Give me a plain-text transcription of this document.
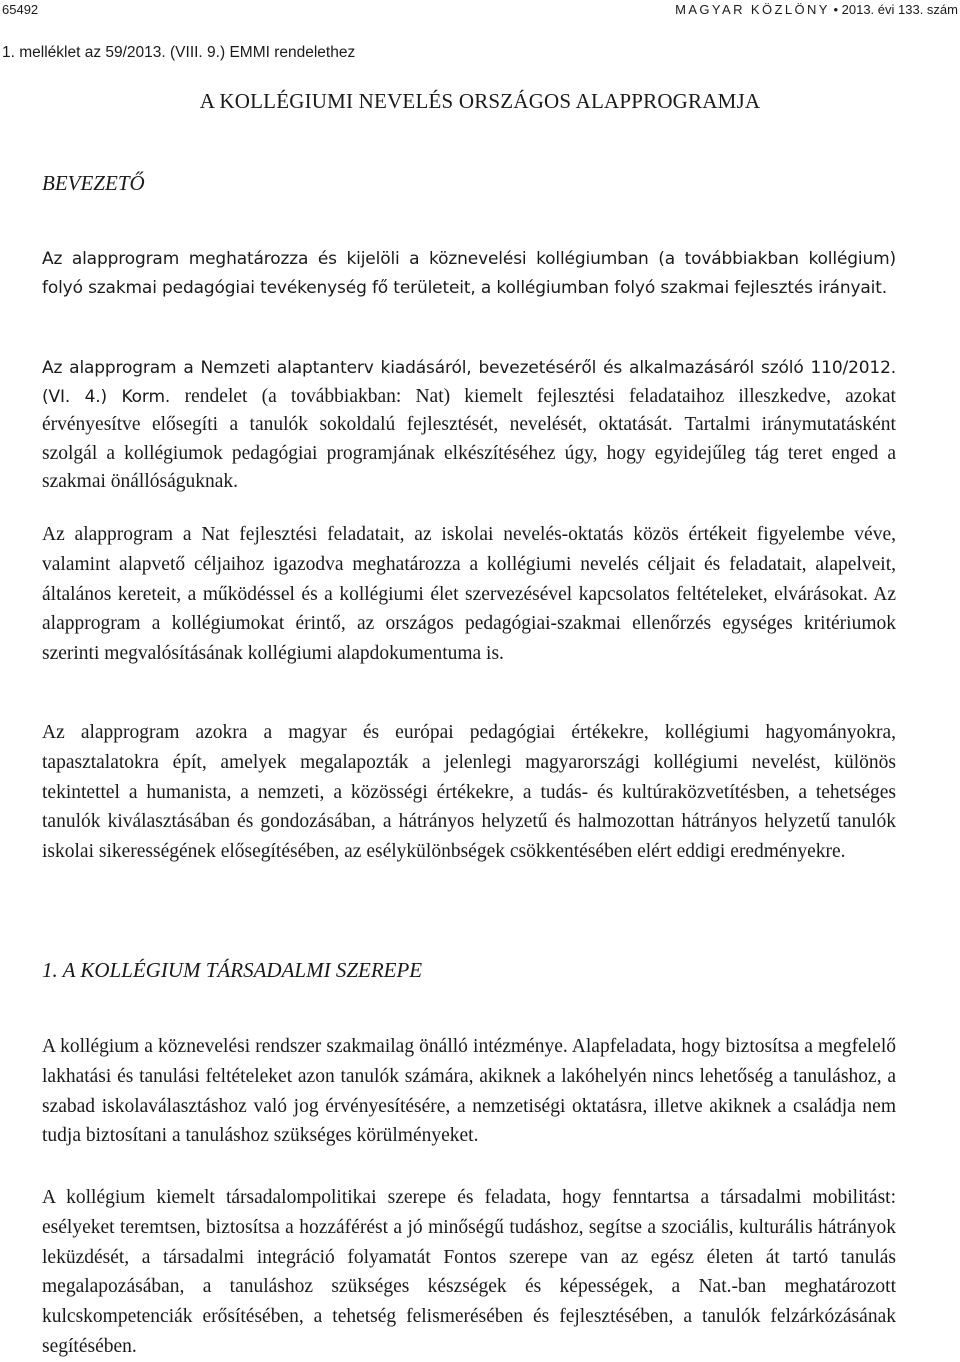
65492	MAGYAR KÖZLÖNY • 2013. évi 133. szám
1. melléklet az 59/2013. (VIII. 9.) EMMI rendelethez
A KOLLÉGIUMI NEVELÉS ORSZÁGOS ALAPPROGRAMJA
BEVEZETŐ

Az alapprogram meghatározza és kijelöli a köznevelési kollégiumban (a továbbiakban kollégium) folyó szakmai pedagógiai tevékenység fő területeit, a kollégiumban folyó szakmai fejlesztés irányait.

Az alapprogram a Nemzeti alaptanterv kiadásáról, bevezetéséről és alkalmazásáról szóló 110/2012. (VI. 4.) Korm. rendelet (a továbbiakban: Nat) kiemelt fejlesztési feladataihoz illeszkedve, azokat érvényesítve elősegíti a tanulók sokoldalú fejlesztését, nevelését, oktatását. Tartalmi iránymutatásként szolgál a kollégiumok pedagógiai programjának elkészítéséhez úgy, hogy egyidejűleg tág teret enged a szakmai önállóságuknak.

Az alapprogram a Nat fejlesztési feladatait, az iskolai nevelés-oktatás közös értékeit figyelembe véve, valamint alapvető céljaihoz igazodva meghatározza a kollégiumi nevelés céljait és feladatait, alapelveit, általános kereteit, a működéssel és a kollégiumi élet szervezésével kapcsolatos feltételeket, elvárásokat. Az alapprogram a kollégiumokat érintő, az országos pedagógiai-szakmai ellenőrzés egységes kritériumok szerinti megvalósításának kollégiumi alapdokumentuma is.

Az alapprogram azokra a magyar és európai pedagógiai értékekre, kollégiumi hagyományokra, tapasztalatokra épít, amelyek megalapozták a jelenlegi magyarországi kollégiumi nevelést, különös tekintettel a humanista, a nemzeti, a közösségi értékekre, a tudás- és kultúraközvetítésben, a tehetséges tanulók kiválasztásában és gondozásában, a hátrányos helyzetű és halmozottan hátrányos helyzetű tanulók iskolai sikerességének elősegítésében, az esélykülönbségek csökkentésében elért eddigi eredményekre.

1. A KOLLÉGIUM TÁRSADALMI SZEREPE

A kollégium a köznevelési rendszer szakmailag önálló intézménye. Alapfeladata, hogy biztosítsa a megfelelő lakhatási és tanulási feltételeket azon tanulók számára, akiknek a lakóhelyén nincs lehetőség a tanuláshoz, a szabad iskolaválasztáshoz való jog érvényesítésére, a nemzetiségi oktatásra, illetve akiknek a családja nem tudja biztosítani a tanuláshoz szükséges körülményeket.

A kollégium kiemelt társadalompolitikai szerepe és feladata, hogy fenntartsa a társadalmi mobilitást: esélyeket teremtsen, biztosítsa a hozzáférést a jó minőségű tudáshoz, segítse a szociális, kulturális hátrányok leküzdését, a társadalmi integráció folyamatát Fontos szerepe van az egész életen át tartó tanulás megalapozásában, a tanuláshoz szükséges készségek és képességek, a Nat.-ban meghatározott kulcskompetenciák erősítésében, a tehetség felismerésében és fejlesztésében, a tanulók felzárkózásának segítésében.
